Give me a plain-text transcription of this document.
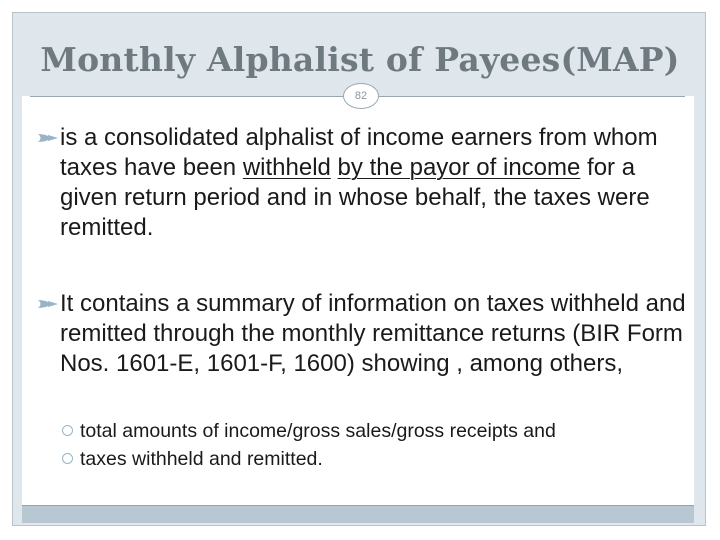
Monthly Alphalist of Payees(MAP)
82

is a consolidated alphalist of income earners from whom taxes have been withheld by the payor of income for a given return period and in whose behalf, the taxes were remitted.

It contains a summary of information on taxes withheld and remitted through the monthly remittance returns (BIR Form Nos. 1601-E, 1601-F, 1600) showing , among others,

total amounts of income/gross sales/gross receipts and
taxes withheld and remitted.
